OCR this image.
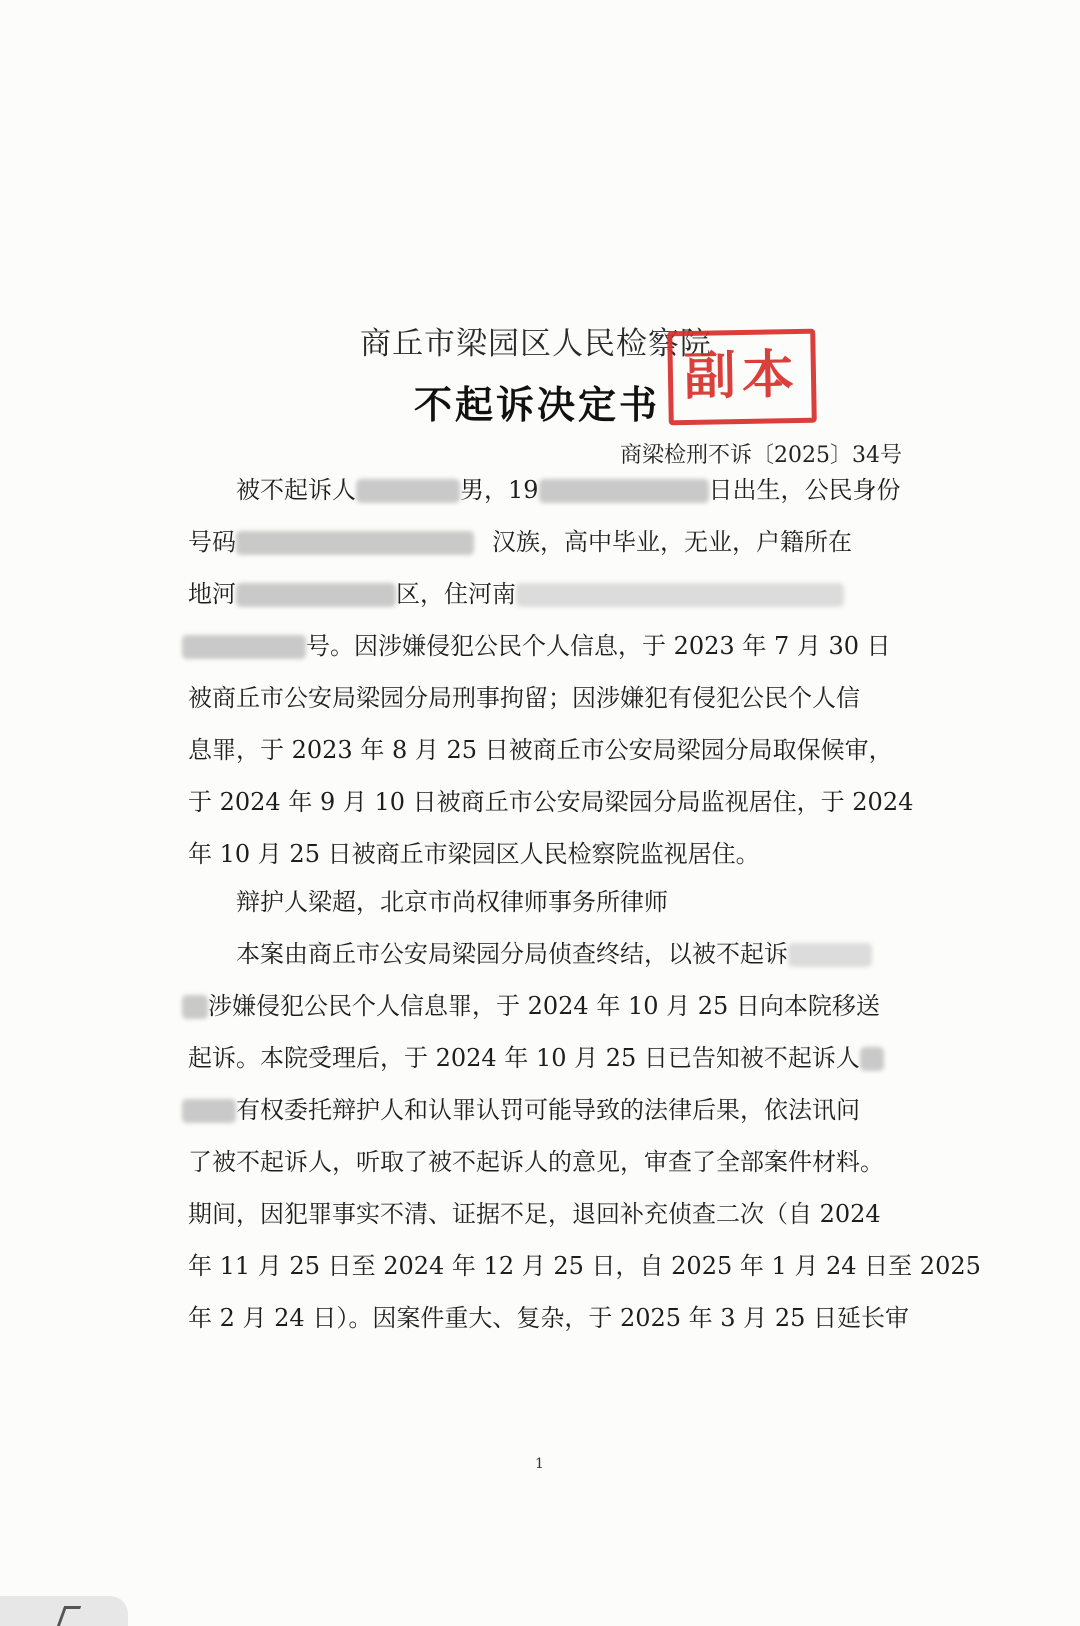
商丘市梁园区人民检察院
不起诉决定书 副本
商梁检刑不诉〔2025〕34号
被不起诉人	男，19	日出生，公民身份
号码	汉族，高中毕业，无业，户籍所在
地河	区，住河南
号。因涉嫌侵犯公民个人信息，于 2023 年 7 月 30 日
被商丘市公安局梁园分局刑事拘留；因涉嫌犯有侵犯公民个人信
息罪，于 2023 年 8 月 25 日被商丘市公安局梁园分局取保候审，
于 2024 年 9 月 10 日被商丘市公安局梁园分局监视居住，于 2024
年 10 月 25 日被商丘市梁园区人民检察院监视居住。
辩护人梁超，北京市尚权律师事务所律师
本案由商丘市公安局梁园分局侦查终结，以被不起诉
涉嫌侵犯公民个人信息罪，于 2024 年 10 月 25 日向本院移送
起诉。本院受理后，于 2024 年 10 月 25 日已告知被不起诉人
有权委托辩护人和认罪认罚可能导致的法律后果，依法讯问
了被不起诉人，听取了被不起诉人的意见，审查了全部案件材料。
期间，因犯罪事实不清、证据不足，退回补充侦查二次（自 2024
年 11 月 25 日至 2024 年 12 月 25 日，自 2025 年 1 月 24 日至 2025
年 2 月 24 日）。因案件重大、复杂，于 2025 年 3 月 25 日延长审
1
